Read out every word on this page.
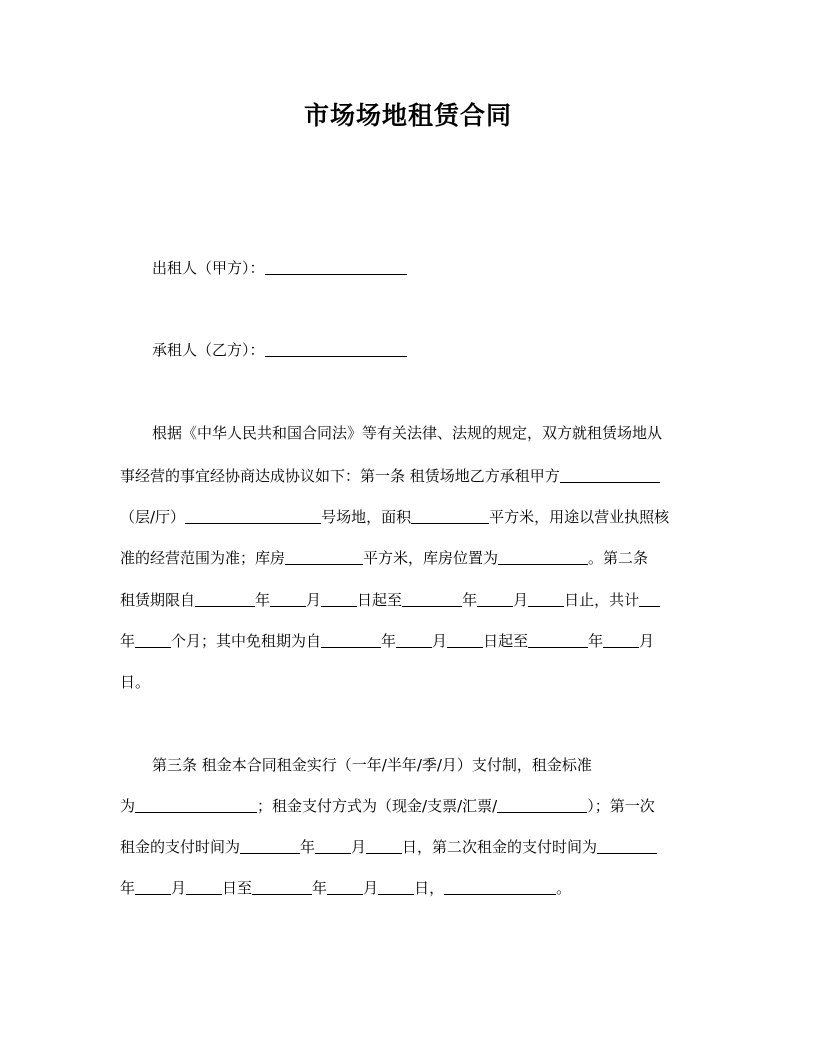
市场场地租赁合同
出租人（甲方）：
承租人（乙方）：
根据《中华人民共和国合同法》等有关法律、法规的规定，双方就租赁场地从
事经营的事宜经协商达成协议如下：第一条 租赁场地乙方承租甲方
（层/厅）	号场地，面积	平方米，用途以营业执照核
准的经营范围为准；库房	平方米，库房位置为	。第二条
租赁期限自	年 月 日起至	年 月 日止，共计
年 个月；其中免租期为自	年 月 日起至	年 月
日。
第三条 租金本合同租金实行（一年/半年/季/月）支付制，租金标准
为	；租金支付方式为（现金/支票/汇票/	）；第一次
租金的支付时间为	年 月 日，第二次租金的支付时间为
年 月 日至	年 月 日，	。
